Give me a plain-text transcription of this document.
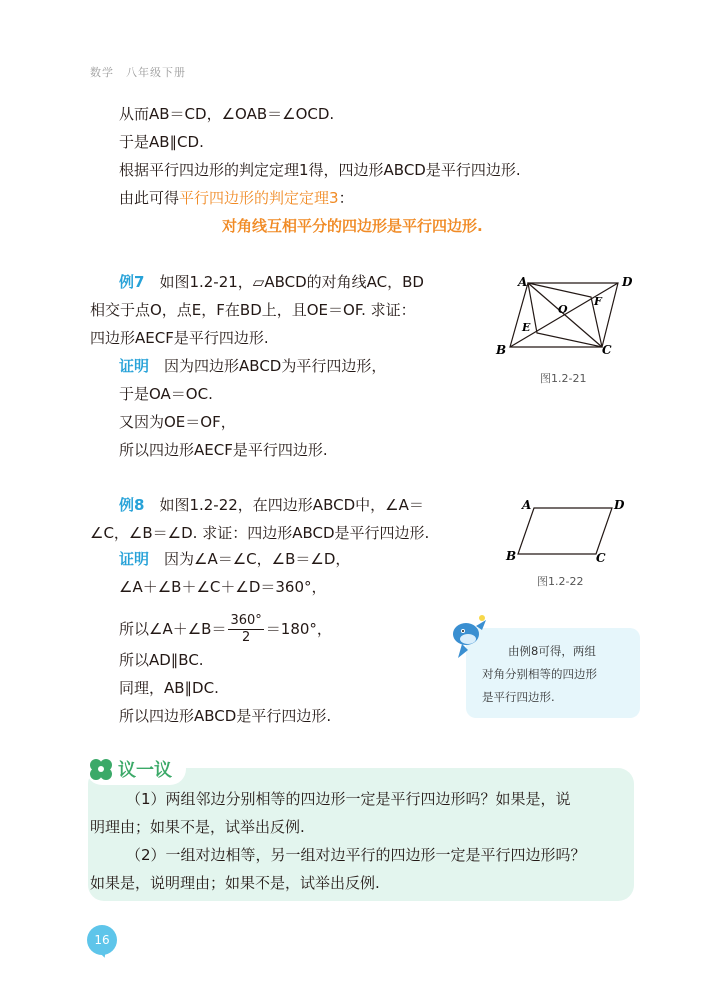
数学　八年级下册
从而AB＝CD，∠OAB＝∠OCD.
于是AB∥CD.
根据平行四边形的判定定理1得，四边形ABCD是平行四边形.
由此可得平行四边形的判定定理3：
对角线互相平分的四边形是平行四边形.
例7　 如图1.2-21，▱ABCD的对角线AC，BD
相交于点O，点E，F在BD上，且OE＝OF. 求证：
四边形AECF是平行四边形.
证明　 因为四边形ABCD为平行四边形，
于是OA＝OC.
又因为OE＝OF，
所以四边形AECF是平行四边形.
A	D
B	C
O
E
F
图1.2-21
例8　 如图1.2-22，在四边形ABCD中，∠A＝
∠C，∠B＝∠D. 求证：四边形ABCD是平行四边形.
证明　 因为∠A＝∠C，∠B＝∠D，
∠A＋∠B＋∠C＋∠D＝360°，
所以∠A＋∠B＝ $\frac{360^\circ}{2} =180^\circ$，
所以AD∥BC.
同理，AB∥DC.
所以四边形ABCD是平行四边形.
A	D
B	C
图1.2-22
由例8可得，两组
对角分别相等的四边形
是平行四边形.
议一议
（1）两组邻边分别相等的四边形一定是平行四边形吗？如果是，说
明理由；如果不是，试举出反例.
（2）一组对边相等，另一组对边平行的四边形一定是平行四边形吗？
如果是，说明理由；如果不是，试举出反例.
16
